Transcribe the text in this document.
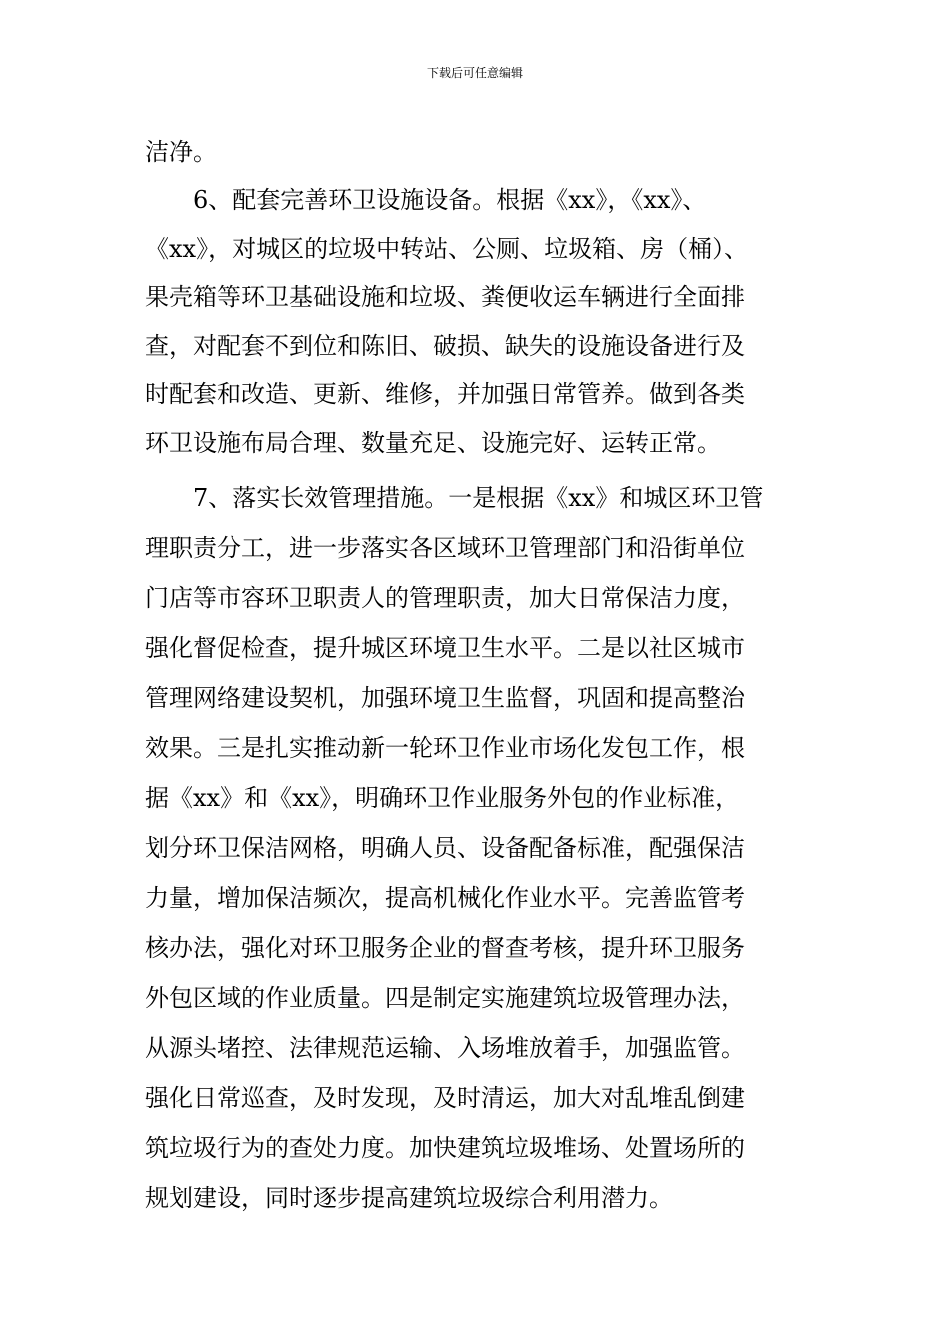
下载后可任意编辑
洁净。
6、配套完善环卫设施设备。根据《xx》，《xx》、
《xx》，对城区的垃圾中转站、公厕、垃圾箱、房（桶）、
果壳箱等环卫基础设施和垃圾、粪便收运车辆进行全面排
查，对配套不到位和陈旧、破损、缺失的设施设备进行及
时配套和改造、更新、维修，并加强日常管养。做到各类
环卫设施布局合理、数量充足、设施完好、运转正常。
7、落实长效管理措施。一是根据《xx》和城区环卫管
理职责分工，进一步落实各区域环卫管理部门和沿街单位
门店等市容环卫职责人的管理职责，加大日常保洁力度，
强化督促检查，提升城区环境卫生水平。二是以社区城市
管理网络建设契机，加强环境卫生监督，巩固和提高整治
效果。三是扎实推动新一轮环卫作业市场化发包工作，根
据《xx》和《xx》，明确环卫作业服务外包的作业标准，
划分环卫保洁网格，明确人员、设备配备标准，配强保洁
力量，增加保洁频次，提高机械化作业水平。完善监管考
核办法，强化对环卫服务企业的督查考核，提升环卫服务
外包区域的作业质量。四是制定实施建筑垃圾管理办法，
从源头堵控、法律规范运输、入场堆放着手，加强监管。
强化日常巡查，及时发现，及时清运，加大对乱堆乱倒建
筑垃圾行为的查处力度。加快建筑垃圾堆场、处置场所的
规划建设，同时逐步提高建筑垃圾综合利用潜力。
